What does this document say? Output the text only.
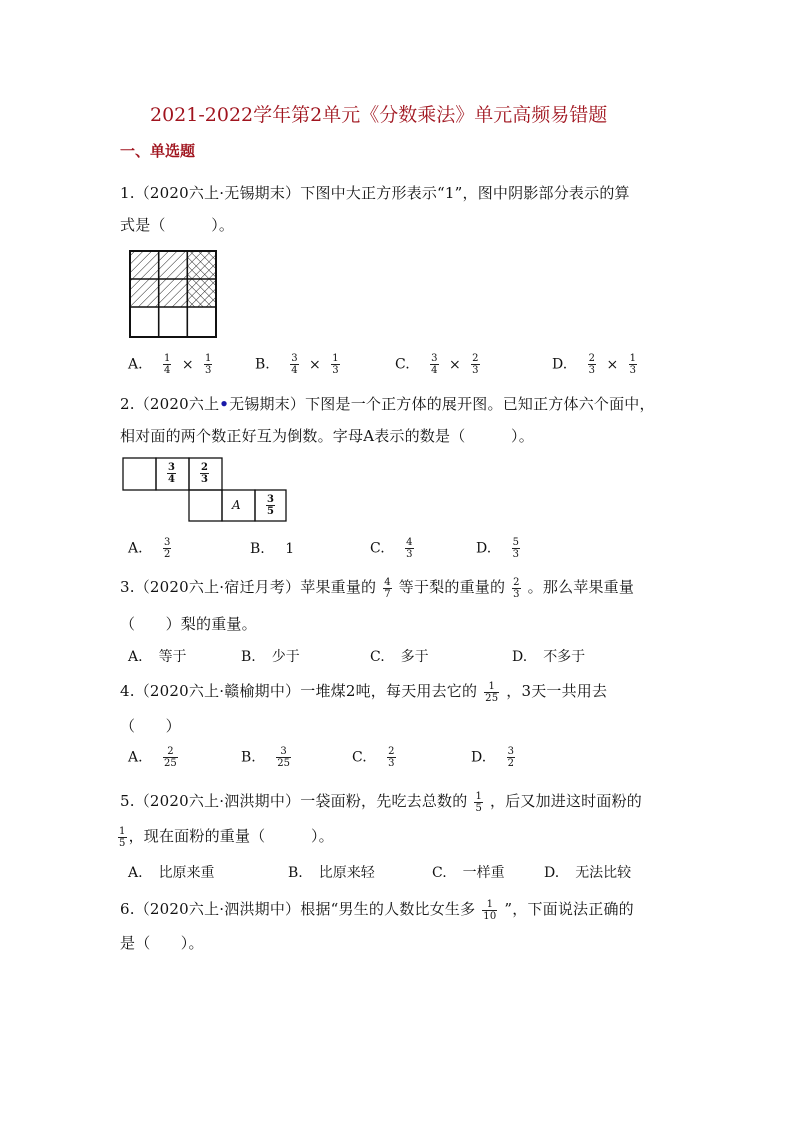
2021-2022学年第2单元《分数乘法》单元高频易错题
一、单选题
1.（2020六上·无锡期末）下图中大正方形表示“1”，图中阴影部分表示的算
式是（　　　）。
A. $\frac{1}{4} \times \frac{1}{3}$	B. $\frac{3}{4} \times \frac{1}{3}$	C. $\frac{3}{4} \times \frac{2}{3}$	D. $\frac{2}{3} \times \frac{1}{3}$
2.（2020六上•无锡期末）下图是一个正方体的展开图。已知正方体六个面中，
相对面的两个数正好互为倒数。字母A表示的数是（　　　）。
3
4
2
3
A	3
5
A. $\frac{3}{2}$	B. 1	C. $\frac{4}{3}$	D. $\frac{5}{3}$
3.（2020六上·宿迁月考）苹果重量的 $\frac{4}{7}$ 等于梨的重量的 $\frac{2}{3}$ 。那么苹果重量
（　　）梨的重量。
A. 等于	B. 少于	C. 多于	D. 不多于
4.（2020六上·赣榆期中）一堆煤2吨，每天用去它的 $\frac{1}{25}$ ，3天一共用去
（　　）
A. $\frac{2}{25}$	B. $\frac{3}{25}$	C. $\frac{2}{3}$	D. $\frac{3}{2}$
5.（2020六上·泗洪期中）一袋面粉，先吃去总数的 $\frac{1}{5}$ ，后又加进这时面粉的
$\frac{1}{5}$ ，现在面粉的重量（　　　）。
A. 比原来重	B. 比原来轻	C. 一样重	D. 无法比较
6.（2020六上·泗洪期中）根据“男生的人数比女生多 $\frac{1}{10}$ ”，下面说法正确的
是（　　）。
